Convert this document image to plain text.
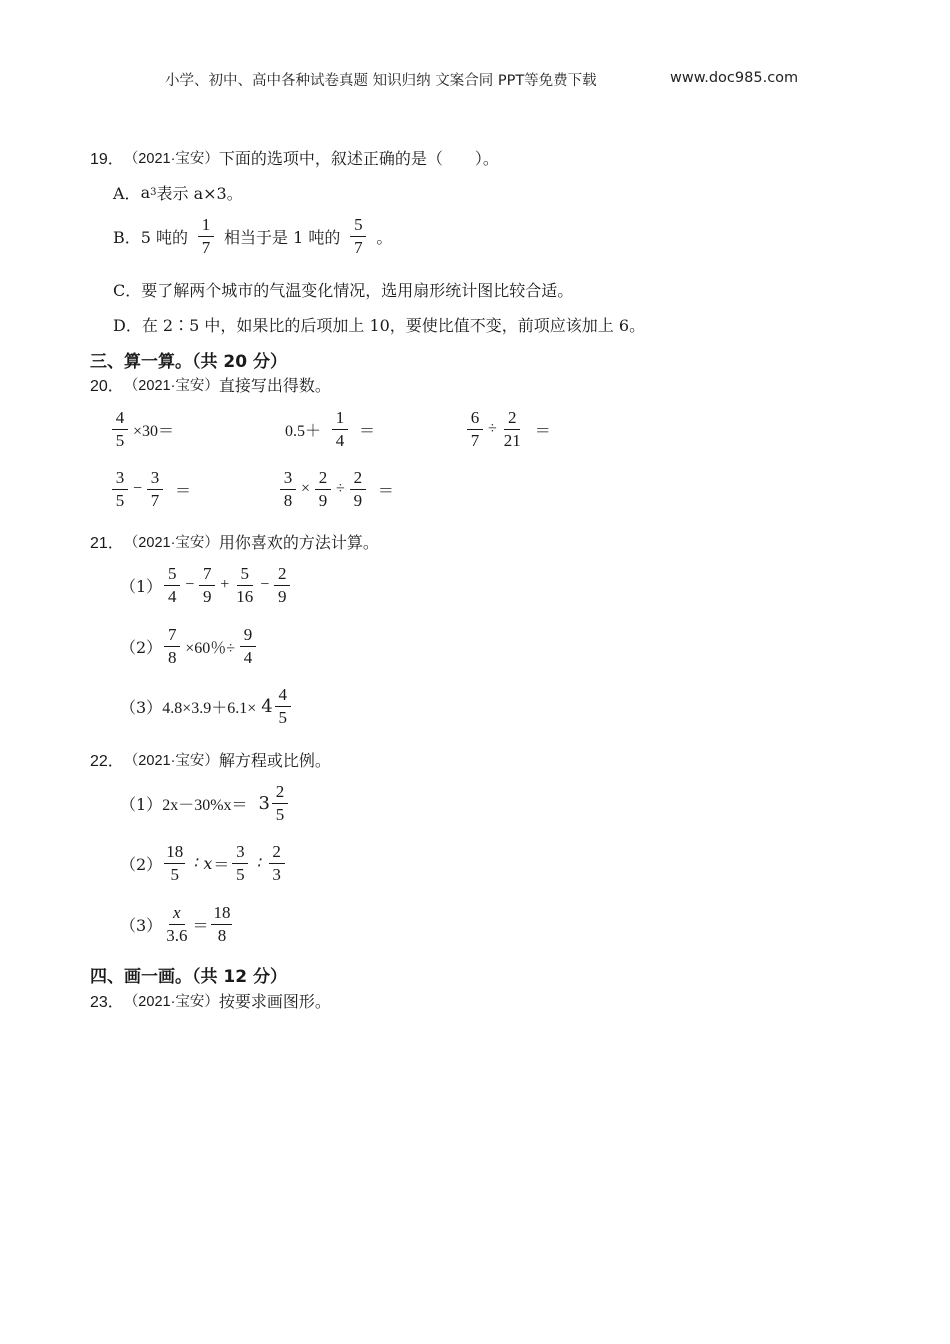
小学、初中、高中各种试卷真题 知识归纳 文案合同 PPT等免费下载	www.doc985.com
19． （2021·宝安） 下面的选项中，叙述正确的是（　　）。
A． a 3 表示 a×3。
B． 5 吨的 $\frac{1}{7}$ 相当于是 1 吨的 $\frac{5}{7}$ 。
C．要了解两个城市的气温变化情况，选用扇形统计图比较合适。
D．在 2∶5 中，如果比的后项加上 10，要使比值不变，前项应该加上 6。
三、算一算。（共 20 分）
20． （2021·宝安） 直接写出得数。
$\frac{4}{5} \times 30=$	$0.5+ \frac{1}{4}$ ＝	$\frac{6}{7} \div \frac{2}{21}$ ＝
$\frac{3}{5} - \frac{3}{7}$ ＝	$\frac{3}{8} \times \frac{2}{9} \div \frac{2}{9}$ ＝
21． （2021·宝安） 用你喜欢的方法计算。
$(1) \frac{5}{4} - \frac{7}{9} + \frac{5}{16} - \frac{2}{9}$
$(2) \frac{7}{8} \times 60$％÷ $\frac{9}{4}$
（3） $4.8\times 3.9+6.1\times 4 \frac{4}{5}$
22． （2021·宝安） 解方程或比例。
（1） $2x-30\%x= 3 \frac{2}{5}$
$(2) \frac{18}{5}$ ∶ $x = \frac{3}{5}$ ∶ $\frac{2}{3}$
$(3) \frac{x}{3.6} = \frac{18}{8}$
四、画一画。（共 12 分）
23． （2021·宝安） 按要求画图形。
